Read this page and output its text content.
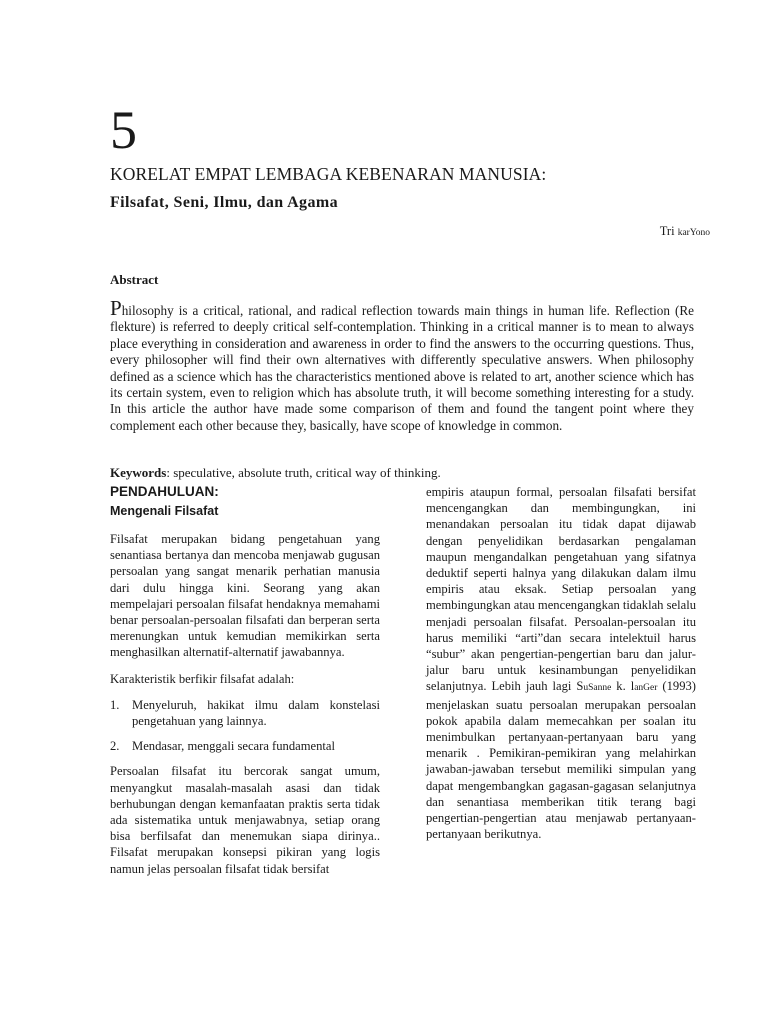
5
KORELAT EMPAT LEMBAGA KEBENARAN MANUSIA:
Filsafat, Seni, Ilmu, dan Agama
Tri karYono
Abstract

Philosophy is a critical, rational, and radical reflection towards main things in human life. Reflection (Re flekture) is referred to deeply critical self-contemplation. Thinking in a critical manner is to mean to always place everything in consideration and awareness in order to find the answers to the occurring questions. Thus, every philosopher will find their own alternatives with differently speculative answers. When philosophy defined as a science which has the characteristics mentioned above is related to art, another science which has its certain system, even to religion which has absolute truth, it will become something interesting for a study. In this article the author have made some comparison of them and found the tangent point where they complement each other because they, basically, have scope of knowledge in common.

Keywords: speculative, absolute truth, critical way of thinking.
PENDAHULUAN:
Mengenali Filsafat

Filsafat merupakan bidang pengetahuan yang senantiasa bertanya dan mencoba menjawab gugusan persoalan yang sangat menarik perhatian manusia dari dulu hingga kini. Seorang yang akan mempelajari persoalan filsafat hendaknya memahami benar persoalan-persoalan filsafati dan berperan serta merenungkan untuk kemudian memikirkan serta menghasilkan alternatif-alternatif jawabannya.

Karakteristik berfikir filsafat adalah:

1. Menyeluruh, hakikat ilmu dalam konstelasi pengetahuan yang lainnya.
2. Mendasar, menggali secara fundamental

Persoalan filsafat itu bercorak sangat umum, menyangkut masalah-masalah asasi dan tidak berhubungan dengan kemanfaatan praktis serta tidak ada sistematika untuk menjawabnya, setiap orang bisa berfilsafat dan menemukan siapa dirinya.. Filsafat merupakan konsepsi pikiran yang logis namun jelas persoalan filsafat tidak bersifat

empiris ataupun formal, persoalan filsafati bersifat mencengangkan dan membingungkan, ini menandakan persoalan itu tidak dapat dijawab dengan penyelidikan berdasarkan pengalaman maupun mengandalkan pengetahuan yang sifatnya deduktif seperti halnya yang dilakukan dalam ilmu empiris atau eksak. Setiap persoalan yang membingungkan atau mencengangkan tidaklah selalu menjadi persoalan filsafat. Persoalan-persoalan itu harus memiliki “arti”dan secara intelektuil harus “subur” akan pengertian-pengertian baru dan jalur-jalur baru untuk kesinambungan penyelidikan selanjutnya. Lebih jauh lagi SuSanne k. lanGer (1993) menjelaskan suatu persoalan merupakan persoalan pokok apabila dalam memecahkan per soalan itu menimbulkan pertanyaan-pertanyaan baru yang menarik . Pemikiran-pemikiran yang melahirkan jawaban-jawaban tersebut memiliki simpulan yang dapat mengembangkan gagasan-gagasan selanjutnya dan senantiasa memberikan titik terang bagi pengertian-pengertian atau menjawab pertanyaan-pertanyaan berikutnya.
